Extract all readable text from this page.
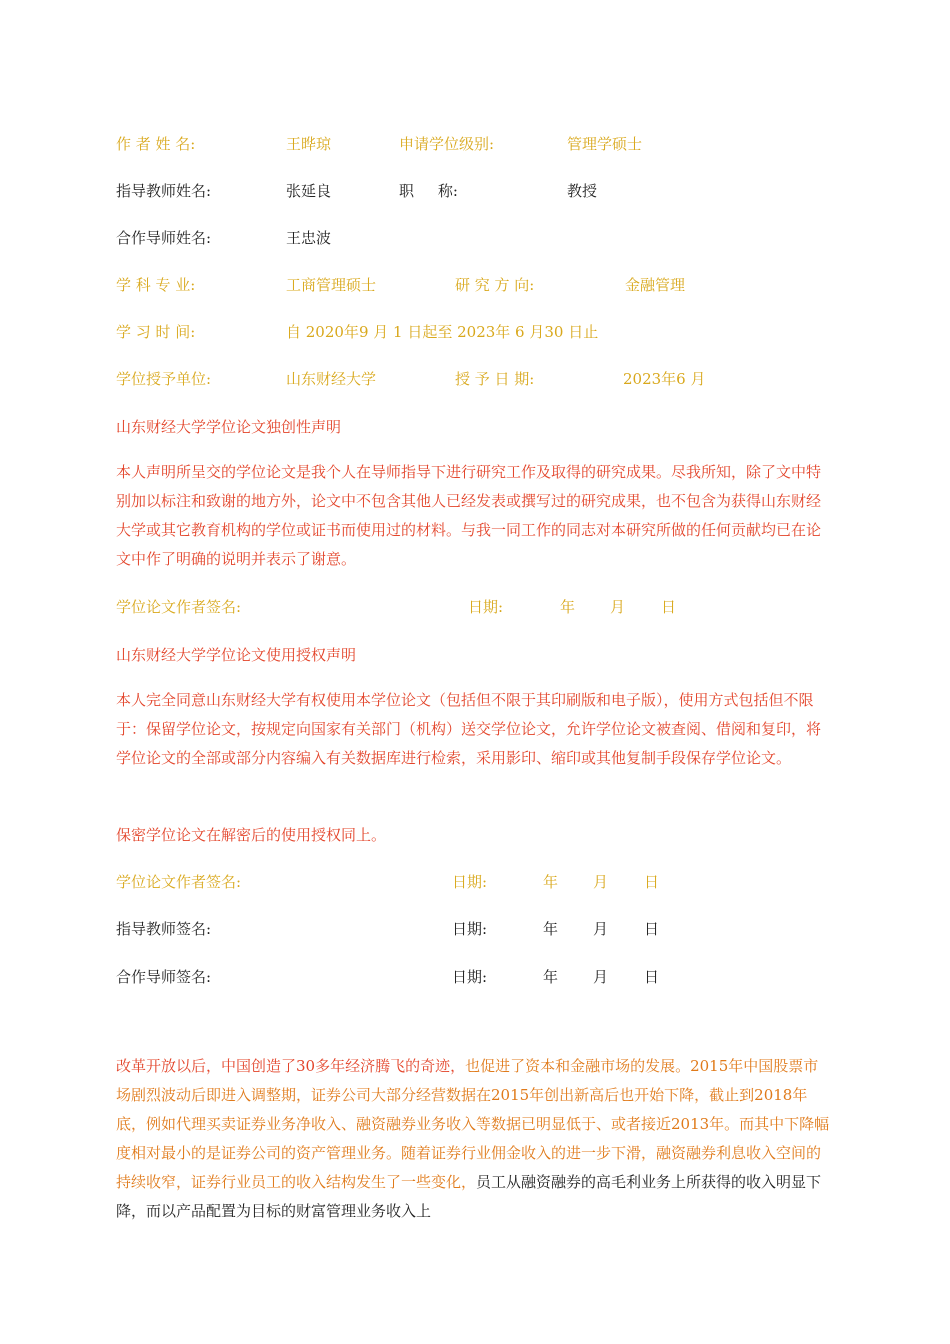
作 者 姓 名:	王晔琼	申请学位级别:	管理学硕士
指导教师姓名:	张延良	职     称:	教授
合作导师姓名:	王忠波
学 科 专 业:	工商管理硕士	研 究 方 向:	金融管理
学 习 时 间:	自 2020年9 月 1 日起至 2023年 6 月30 日止
学位授予单位:	山东财经大学	授 予 日 期:	2023年6 月
山东财经大学学位论文独创性声明
本人声明所呈交的学位论文是我个人在导师指导下进行研究工作及取得的研究成果。尽我所知，除了文中特别加以标注和致谢的地方外，论文中不包含其他人已经发表或撰写过的研究成果，也不包含为获得山东财经大学或其它教育机构的学位或证书而使用过的材料。与我一同工作的同志对本研究所做的任何贡献均已在论文中作了明确的说明并表示了谢意。
学位论文作者签名:	日期:	年 月 日
山东财经大学学位论文使用授权声明
本人完全同意山东财经大学有权使用本学位论文（包括但不限于其印刷版和电子版），使用方式包括但不限于：保留学位论文，按规定向国家有关部门（机构）送交学位论文，允许学位论文被查阅、借阅和复印，将学位论文的全部或部分内容编入有关数据库进行检索，采用影印、缩印或其他复制手段保存学位论文。
保密学位论文在解密后的使用授权同上。
学位论文作者签名:	日期:	年 月 日
指导教师签名:	日期:	年 月 日
合作导师签名:	日期:	年 月 日
改革开放以后，中国创造了30多年经济腾飞的奇迹，也促进了资本和金融市场的发展。2015年中国股票市场剧烈波动后即进入调整期，证券公司大部分经营数据在2015年创出新高后也开始下降，截止到2018年底，例如代理买卖证券业务净收入、融资融券业务收入等数据已明显低于、或者接近2013年。而其中下降幅度相对最小的是证券公司的资产管理业务。随着证券行业佣金收入的进一步下滑，融资融券利息收入空间的持续收窄，证券行业员工的收入结构发生了一些变化，员工从融资融券的高毛利业务上所获得的收入明显下降，而以产品配置为目标的财富管理业务收入上
